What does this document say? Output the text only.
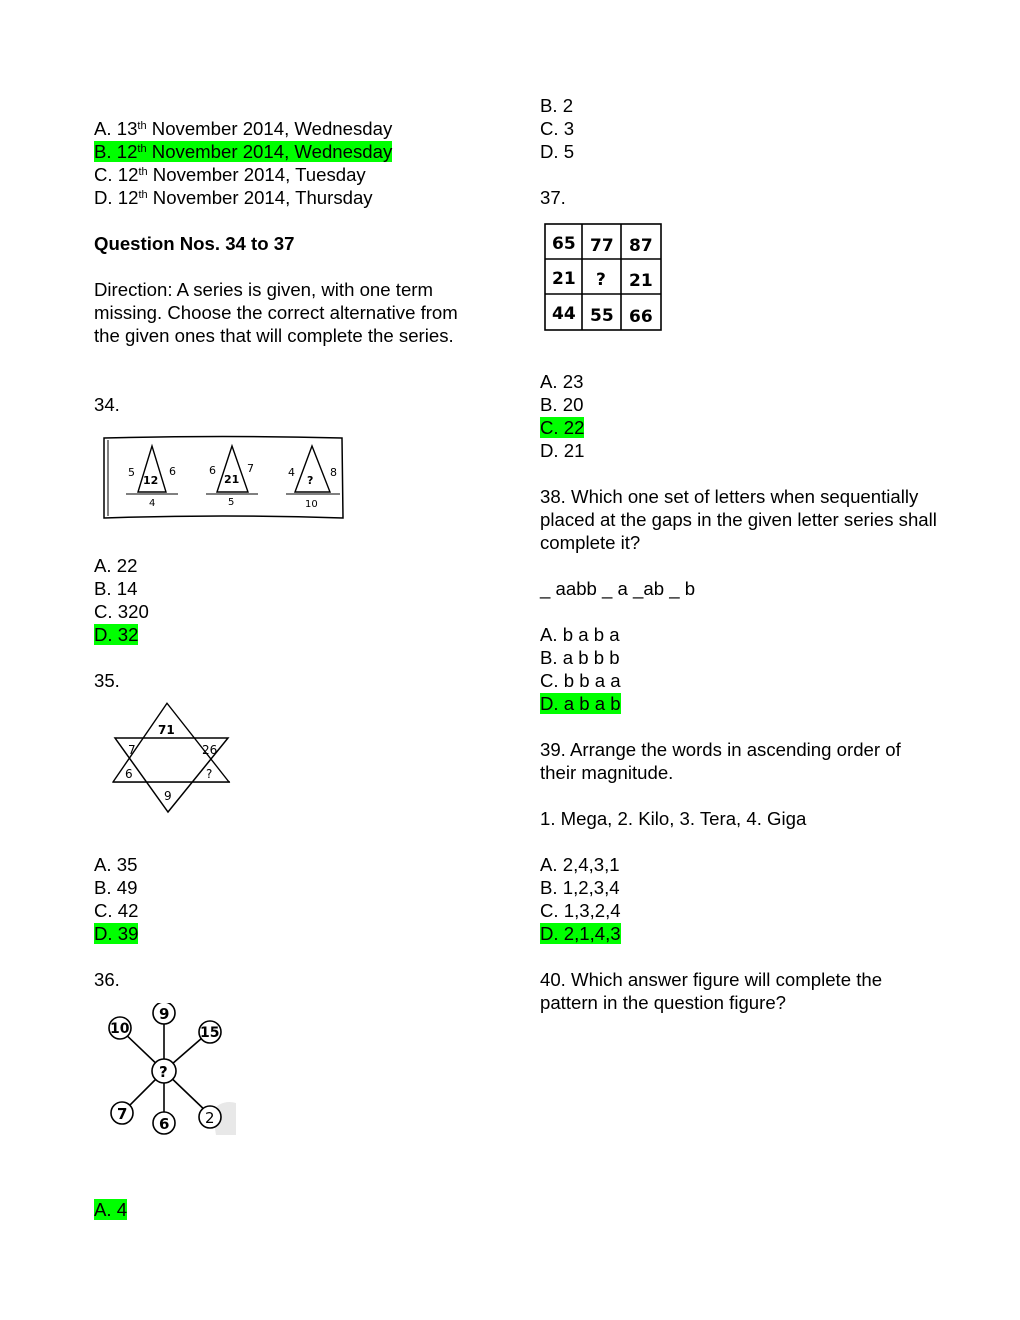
A. 13th November 2014, Wednesday
B. 12th November 2014, Wednesday
C. 12th November 2014, Tuesday
D. 12th November 2014, Thursday
Question Nos. 34 to 37
Direction: A series is given, with one term missing. Choose the correct alternative from the given ones that will complete the series.
34.
5	6
12
4
6	7
21
5
4	8
?
10
A. 22
B. 14
C. 320
D. 32
35.
71
7	26
6	?
9
A. 35
B. 49
C. 42
D. 39
36.
?
9
10	15
7
6 2
A. 4
B. 2
C. 3
D. 5
37.
65 77 87
21 ? 21
44 55 66
A. 23
B. 20
C. 22
D. 21
38. Which one set of letters when sequentially placed at the gaps in the given letter series shall complete it?
_ aabb _ a _ab _ b
A. b a b a
B. a b b b
C. b b a a
D. a b a b
39. Arrange the words in ascending order of their magnitude.
1. Mega, 2. Kilo, 3. Tera, 4. Giga
A. 2,4,3,1
B. 1,2,3,4
C. 1,3,2,4
D. 2,1,4,3
40. Which answer figure will complete the pattern in the question figure?
